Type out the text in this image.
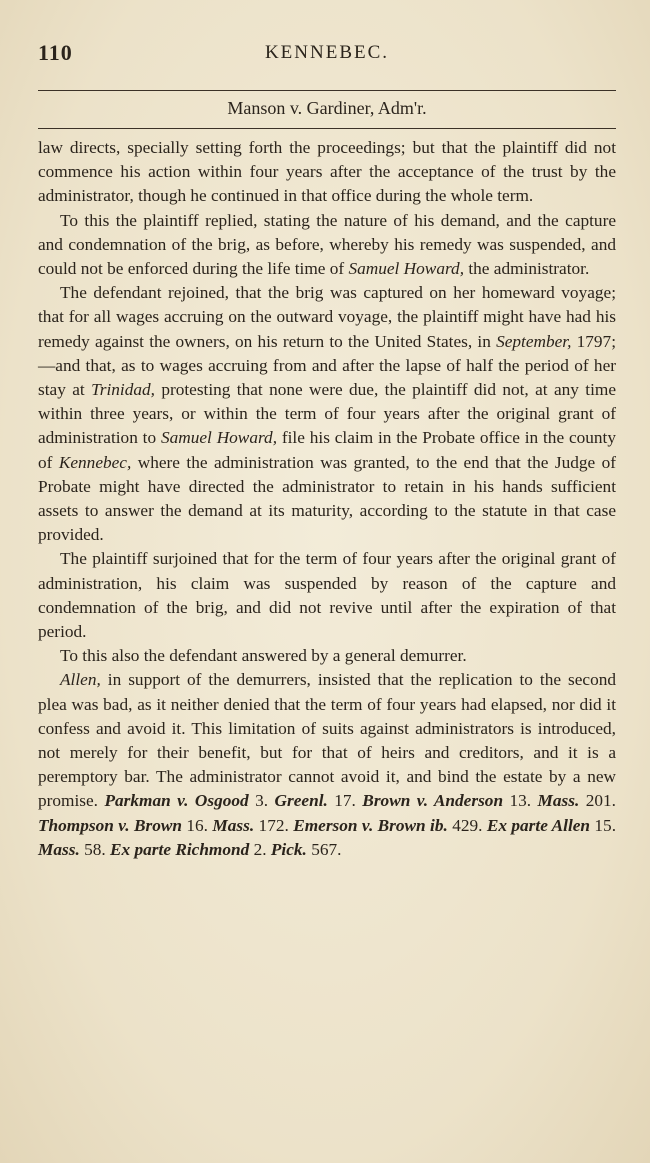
110	KENNEBEC.
Manson v. Gardiner, Adm'r.

law directs, specially setting forth the proceedings; but that the plaintiff did not commence his action within four years after the acceptance of the trust by the administrator, though he continued in that office during the whole term.

To this the plaintiff replied, stating the nature of his demand, and the capture and condemnation of the brig, as before, whereby his remedy was suspended, and could not be enforced during the life time of Samuel Howard, the administrator.

The defendant rejoined, that the brig was captured on her homeward voyage; that for all wages accruing on the outward voyage, the plaintiff might have had his remedy against the owners, on his return to the United States, in September, 1797;—and that, as to wages accruing from and after the lapse of half the period of her stay at Trinidad, protesting that none were due, the plaintiff did not, at any time within three years, or within the term of four years after the original grant of administration to Samuel Howard, file his claim in the Probate office in the county of Kennebec, where the administration was granted, to the end that the Judge of Probate might have directed the administrator to retain in his hands sufficient assets to answer the demand at its maturity, according to the statute in that case provided.

The plaintiff surjoined that for the term of four years after the original grant of administration, his claim was suspended by reason of the capture and condemnation of the brig, and did not revive until after the expiration of that period.

To this also the defendant answered by a general demurrer.

Allen, in support of the demurrers, insisted that the replication to the second plea was bad, as it neither denied that the term of four years had elapsed, nor did it confess and avoid it. This limitation of suits against administrators is introduced, not merely for their benefit, but for that of heirs and creditors, and it is a peremptory bar. The administrator cannot avoid it, and bind the estate by a new promise. Parkman v. Osgood 3. Greenl. 17. Brown v. Anderson 13. Mass. 201. Thompson v. Brown 16. Mass. 172. Emerson v. Brown ib. 429. Ex parte Allen 15. Mass. 58. Ex parte Richmond 2. Pick. 567.
